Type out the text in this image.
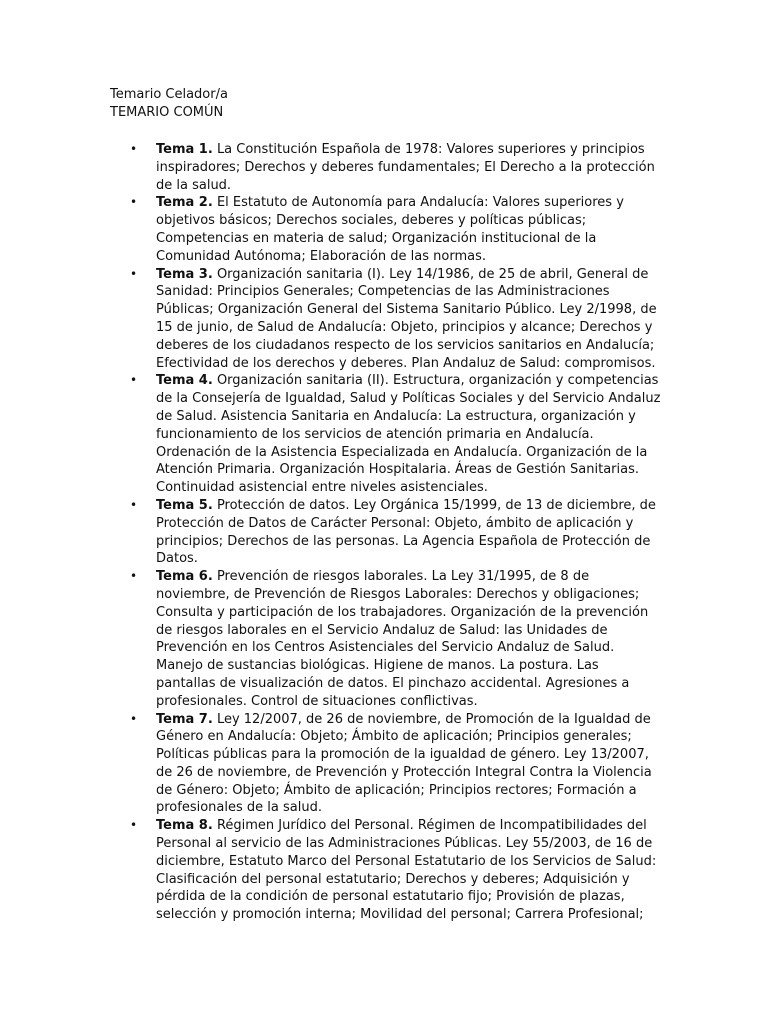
Temario Celador/a

TEMARIO COMÚN

• Tema 1. La Constitución Española de 1978: Valores superiores y principios inspiradores; Derechos y deberes fundamentales; El Derecho a la protección de la salud.
• Tema 2. El Estatuto de Autonomía para Andalucía: Valores superiores y objetivos básicos; Derechos sociales, deberes y políticas públicas; Competencias en materia de salud; Organización institucional de la Comunidad Autónoma; Elaboración de las normas.
• Tema 3. Organización sanitaria (I). Ley 14/1986, de 25 de abril, General de Sanidad: Principios Generales; Competencias de las Administraciones Públicas; Organización General del Sistema Sanitario Público. Ley 2/1998, de 15 de junio, de Salud de Andalucía: Objeto, principios y alcance; Derechos y deberes de los ciudadanos respecto de los servicios sanitarios en Andalucía; Efectividad de los derechos y deberes. Plan Andaluz de Salud: compromisos.
• Tema 4. Organización sanitaria (II). Estructura, organización y competencias de la Consejería de Igualdad, Salud y Políticas Sociales y del Servicio Andaluz de Salud. Asistencia Sanitaria en Andalucía: La estructura, organización y funcionamiento de los servicios de atención primaria en Andalucía. Ordenación de la Asistencia Especializada en Andalucía. Organización de la Atención Primaria. Organización Hospitalaria. Áreas de Gestión Sanitarias. Continuidad asistencial entre niveles asistenciales.
• Tema 5. Protección de datos. Ley Orgánica 15/1999, de 13 de diciembre, de Protección de Datos de Carácter Personal: Objeto, ámbito de aplicación y principios; Derechos de las personas. La Agencia Española de Protección de Datos.
• Tema 6. Prevención de riesgos laborales. La Ley 31/1995, de 8 de noviembre, de Prevención de Riesgos Laborales: Derechos y obligaciones; Consulta y participación de los trabajadores. Organización de la prevención de riesgos laborales en el Servicio Andaluz de Salud: las Unidades de Prevención en los Centros Asistenciales del Servicio Andaluz de Salud. Manejo de sustancias biológicas. Higiene de manos. La postura. Las pantallas de visualización de datos. El pinchazo accidental. Agresiones a profesionales. Control de situaciones conflictivas.
• Tema 7. Ley 12/2007, de 26 de noviembre, de Promoción de la Igualdad de Género en Andalucía: Objeto; Ámbito de aplicación; Principios generales; Políticas públicas para la promoción de la igualdad de género. Ley 13/2007, de 26 de noviembre, de Prevención y Protección Integral Contra la Violencia de Género: Objeto; Ámbito de aplicación; Principios rectores; Formación a profesionales de la salud.
• Tema 8. Régimen Jurídico del Personal. Régimen de Incompatibilidades del Personal al servicio de las Administraciones Públicas. Ley 55/2003, de 16 de diciembre, Estatuto Marco del Personal Estatutario de los Servicios de Salud: Clasificación del personal estatutario; Derechos y deberes; Adquisición y pérdida de la condición de personal estatutario fijo; Provisión de plazas, selección y promoción interna; Movilidad del personal; Carrera Profesional;
